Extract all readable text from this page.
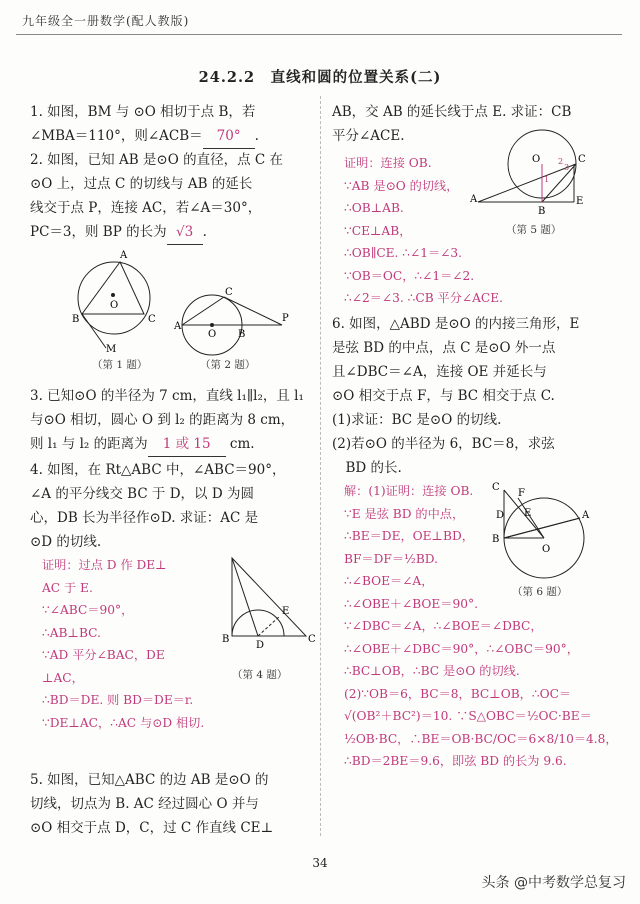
九年级全一册数学(配人教版)
24.2.2　直线和圆的位置关系(二)
1. 如图，BM 与 ⊙O 相切于点 B，若
∠MBA＝110°，则∠ACB＝ 70° .
2. 如图，已知 AB 是⊙O 的直径，点 C 在
⊙O 上，过点 C 的切线与 AB 的延长
线交于点 P，连接 AC，若∠A＝30°，
PC＝3，则 BP 的长为 √3 .
A
B	C
O
M
（第 1 题）
A
O B
C
P
（第 2 题）
3. 已知⊙O 的半径为 7 cm，直线 l₁∥l₂，且 l₁
与⊙O 相切，圆心 O 到 l₂ 的距离为 8 cm，
则 l₁ 与 l₂ 的距离为 1 或 15 cm.
4. 如图，在 Rt△ABC 中，∠ABC＝90°，
∠A 的平分线交 BC 于 D，以 D 为圆
心，DB 长为半径作⊙D. 求证：AC 是
⊙D 的切线.
证明：过点 D 作 DE⊥
AC 于 E.
∵∠ABC＝90°，
∴AB⊥BC.
∵AD 平分∠BAC，DE
⊥AC，
∴BD＝DE. 则 BD＝DE＝r.
∵DE⊥AC，∴AC 与⊙D 相切.
B
D
C
E
（第 4 题）
5. 如图，已知△ABC 的边 AB 是⊙O 的
切线，切点为 B. AC 经过圆心 O 并与
⊙O 相交于点 D，C，过 C 作直线 CE⊥
AB，交 AB 的延长线于点 E. 求证：CB
平分∠ACE.
证明：连接 OB.
∵AB 是⊙O 的切线，
∴OB⊥AB.
∵CE⊥AB，
∴OB∥CE. ∴∠1＝∠3.
∵OB＝OC，∴∠1＝∠2.
∴∠2＝∠3. ∴CB 平分∠ACE.
A
B
E
C
O 2
3
1
（第 5 题）
6. 如图，△ABD 是⊙O 的内接三角形，E
是弦 BD 的中点，点 C 是⊙O 外一点
且∠DBC＝∠A，连接 OE 并延长与
⊙O 相交于点 F，与 BC 相交于点 C.
(1)求证：BC 是⊙O 的切线.
(2)若⊙O 的半径为 6，BC＝8，求弦
　BD 的长.
解：(1)证明：连接 OB.
∵E 是弦 BD 的中点，
∴BE＝DE，OE⊥BD，
BF＝DF＝½BD.
∴∠BOE＝∠A，
∴∠OBE＋∠BOE＝90°.
∵∠DBC＝∠A，∴∠BOE＝∠DBC，
∴∠OBE＋∠DBC＝90°，∴∠OBC＝90°，
∴BC⊥OB，∴BC 是⊙O 的切线.
(2)∵OB＝6，BC＝8，BC⊥OB，∴OC＝
√(OB²＋BC²)＝10. ∵S△OBC＝½OC·BE＝
½OB·BC，∴BE＝OB·BC/OC＝6×8/10＝4.8，
∴BD＝2BE＝9.6，即弦 BD 的长为 9.6.
C
F
E	A
B
O
D
（第 6 题）
34
头条 @中考数学总复习
